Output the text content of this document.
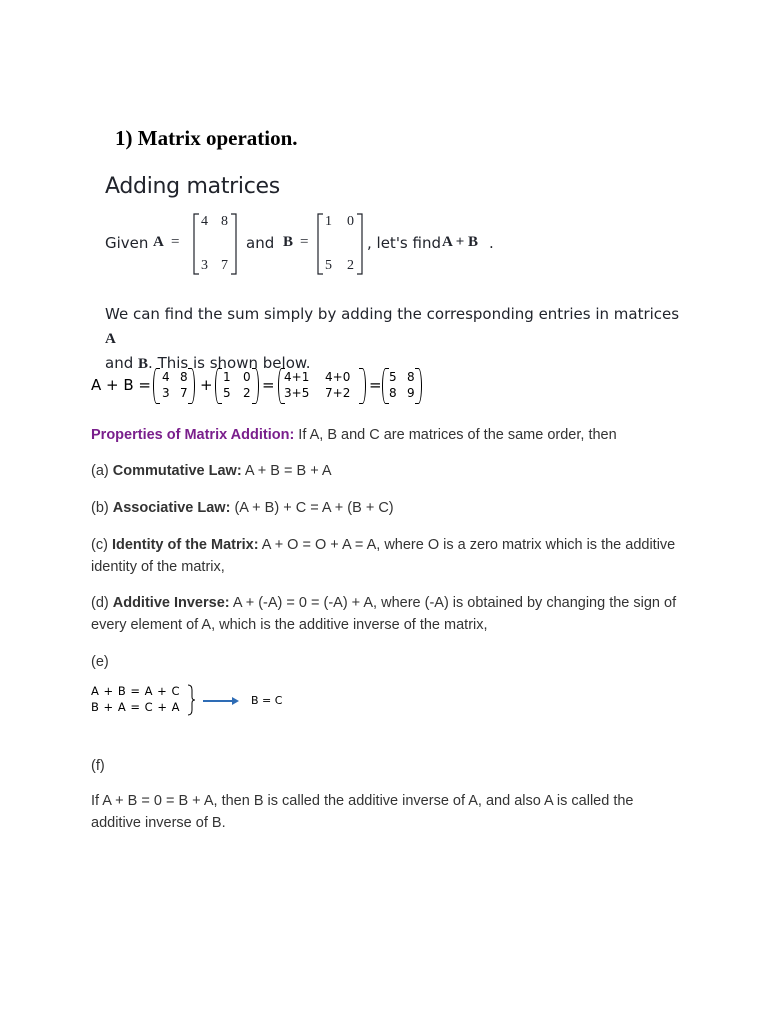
1) Matrix operation.
Adding matrices
Given A =
4 8
3 7
and B =
1 0
5 2
, let's find A + B .
We can find the sum simply by adding the corresponding entries in matrices A
and B. This is shown below.
A + B = 4 8
3 7 + 1 0
5 2 = 4+1 4+0
3+5 7+2 = 5 8
8 9
Properties of Matrix Addition: If A, B and C are matrices of the same order, then
(a) Commutative Law: A + B = B + A
(b) Associative Law: (A + B) + C = A + (B + C)
(c) Identity of the Matrix: A + O = O + A = A, where O is a zero matrix which is the additive identity of the matrix,
(d) Additive Inverse: A + (-A) = 0 = (-A) + A, where (-A) is obtained by changing the sign of every element of A, which is the additive inverse of the matrix,
(e)
A + B = A + C
B + A = C + A	B = C
(f)
If A + B = 0 = B + A, then B is called the additive inverse of A, and also A is called the additive inverse of B.
